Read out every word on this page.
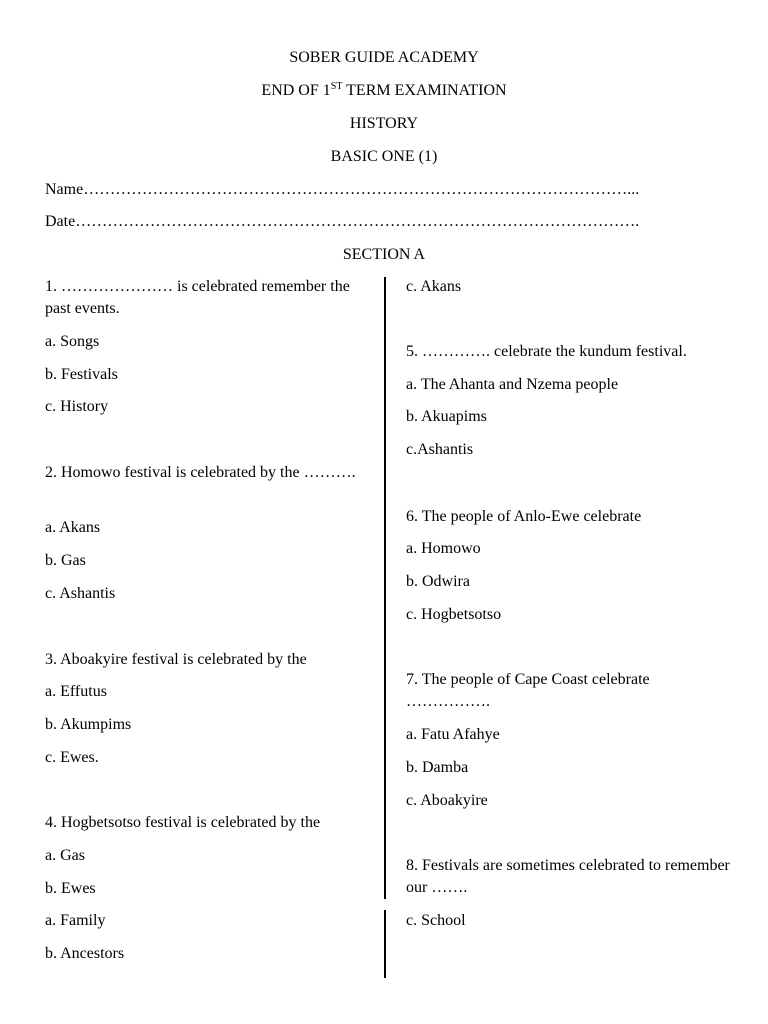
SOBER GUIDE ACADEMY
END OF 1ST TERM EXAMINATION
HISTORY
BASIC ONE (1)
Name…………………………………………………………………………………………...
Date…………………………………………………………………………………………….
SECTION A
1. ………………… is celebrated remember the past events.
a. Songs
b. Festivals
c. History
2. Homowo festival is celebrated by the ……….
a. Akans
b. Gas
c. Ashantis
3. Aboakyire festival is celebrated by the
a. Effutus
b. Akumpims
c. Ewes.
4. Hogbetsotso festival is celebrated by the
a. Gas
b. Ewes
a. Family
b. Ancestors
c. Akans
5. …………. celebrate the kundum festival.
a. The Ahanta and Nzema people
b. Akuapims
c.Ashantis
6. The people of Anlo-Ewe celebrate
a. Homowo
b. Odwira
c. Hogbetsotso
7. The people of Cape Coast celebrate …………….
a. Fatu Afahye
b. Damba
c. Aboakyire
8. Festivals are sometimes celebrated to remember our …….
c. School
